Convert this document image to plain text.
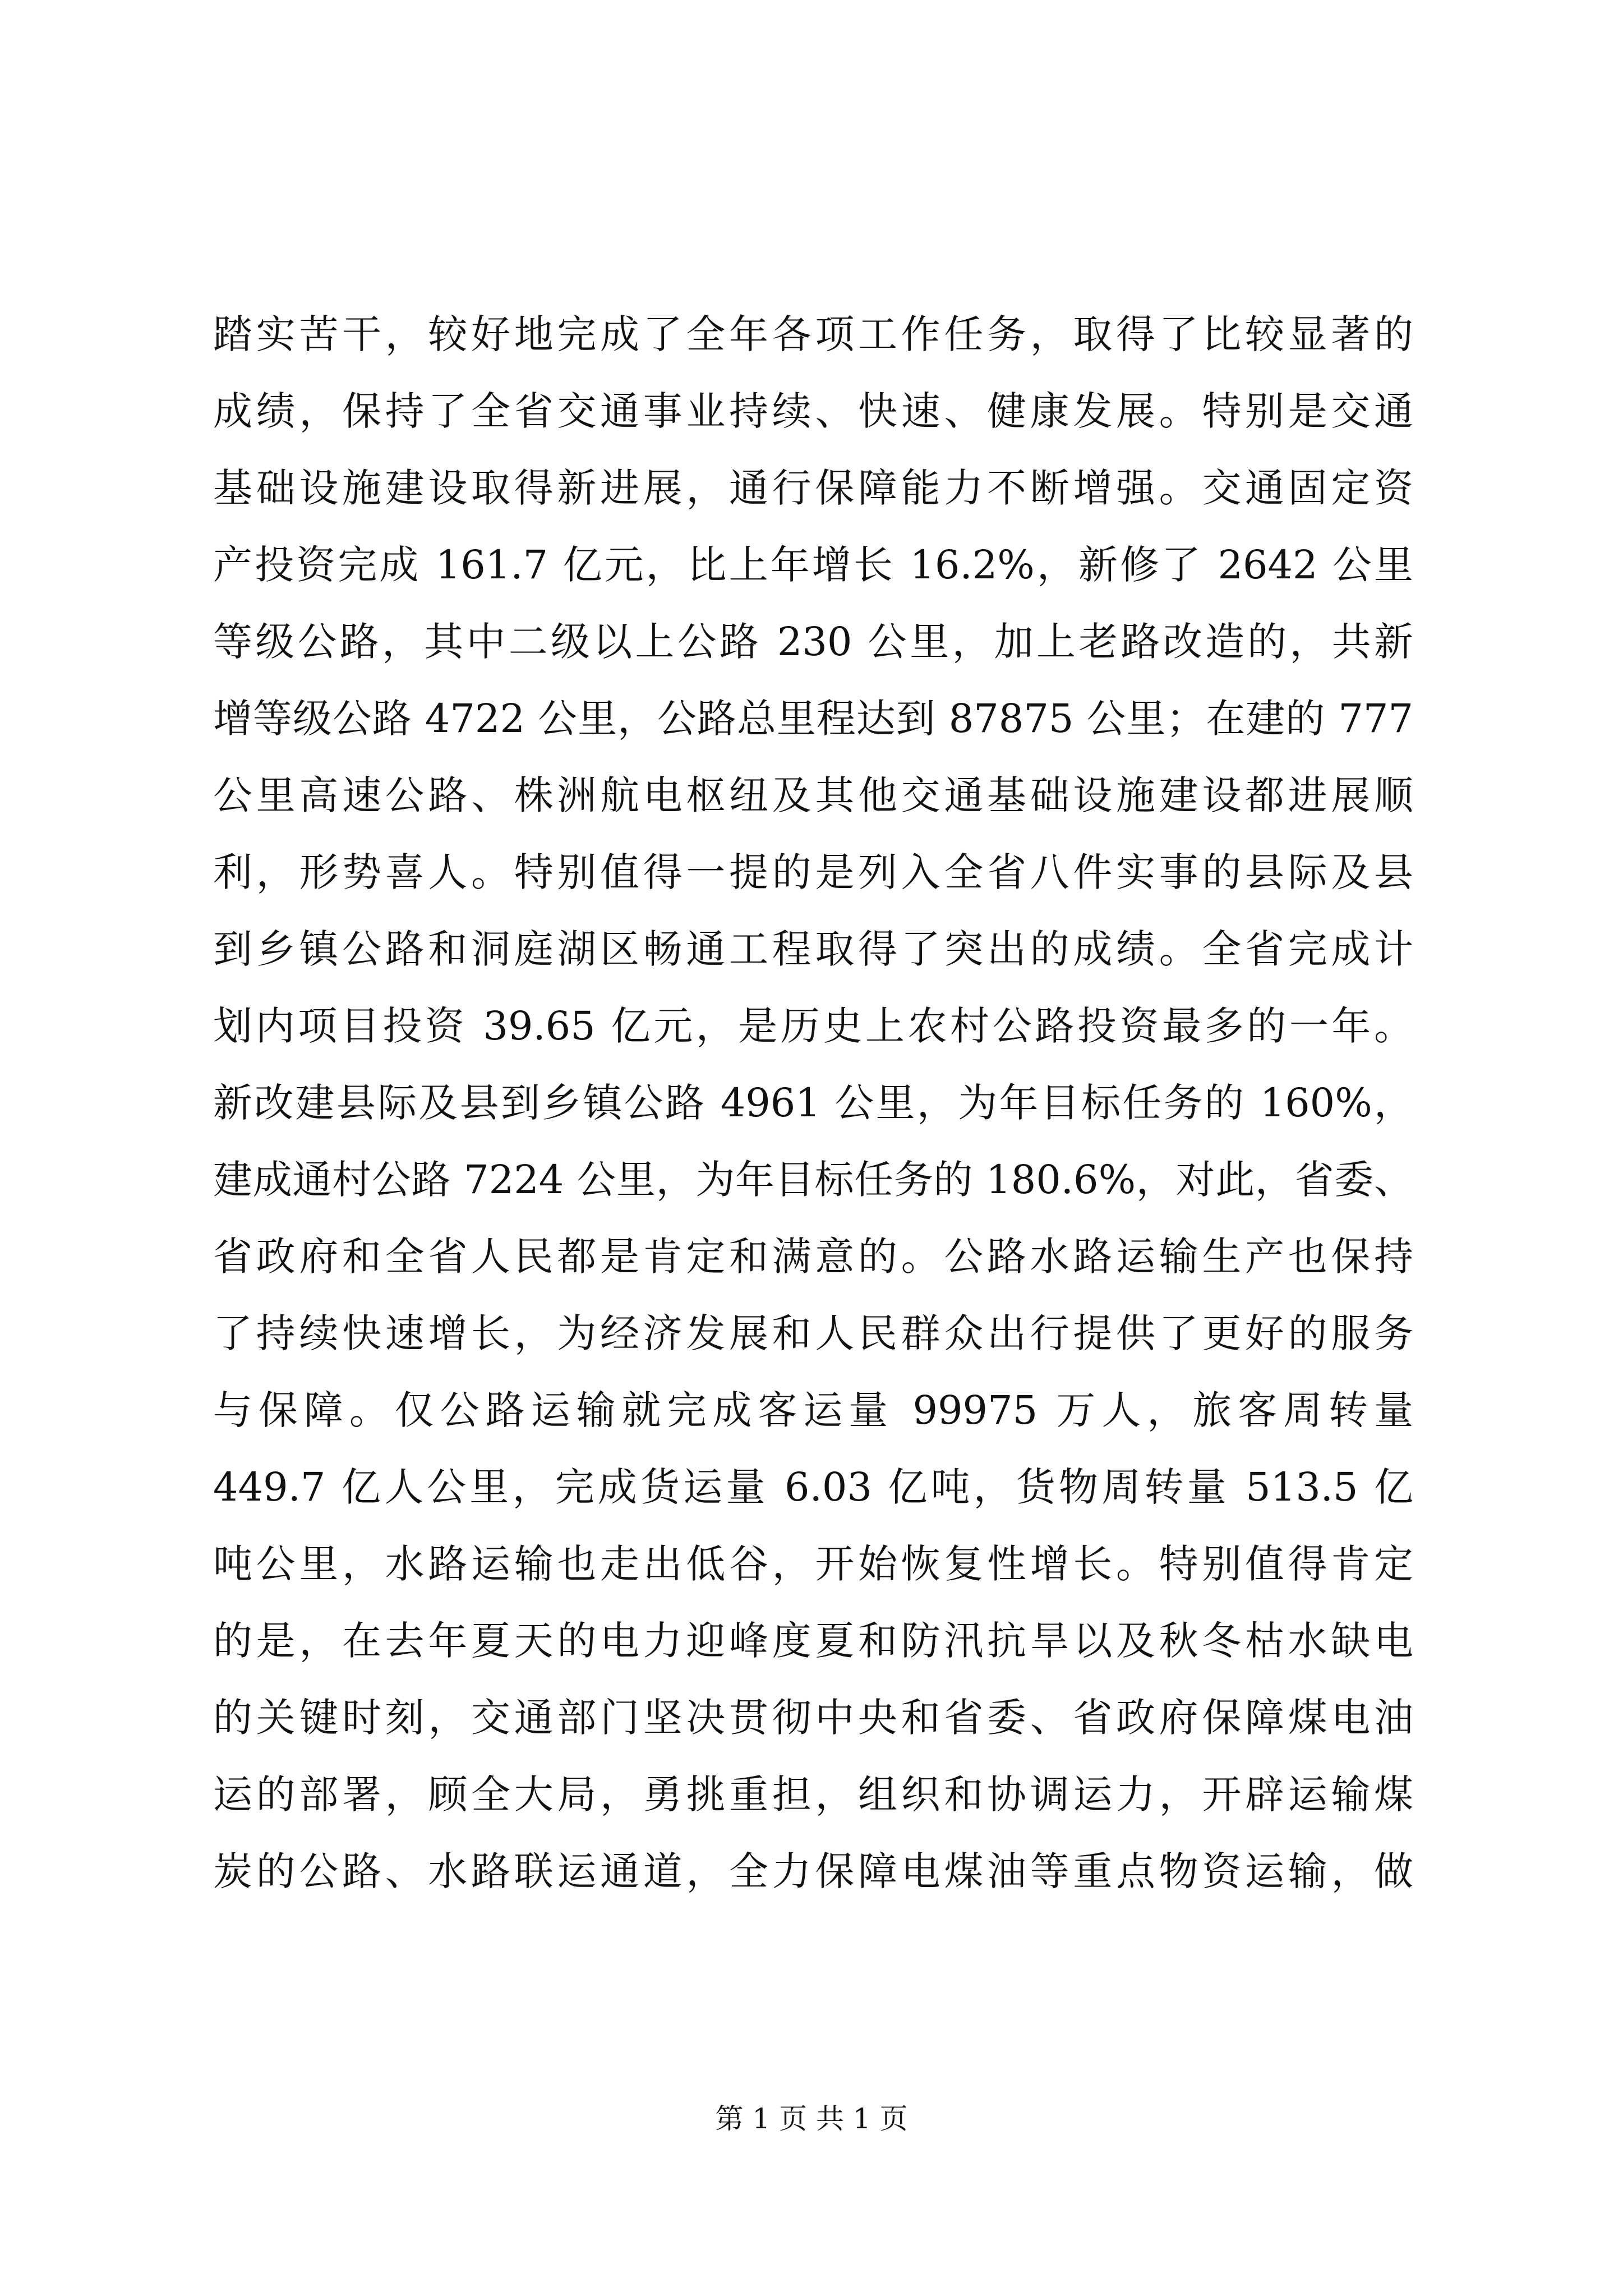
踏实苦干，较好地完成了全年各项工作任务，取得了比较显著的
成绩，保持了全省交通事业持续、快速、健康发展。特别是交通
基础设施建设取得新进展，通行保障能力不断增强。交通固定资
产投资完成 161.7 亿元，比上年增长 16.2%，新修了 2642 公里
等级公路，其中二级以上公路 230 公里，加上老路改造的，共新
增等级公路 4722 公里，公路总里程达到 87875 公里；在建的 777
公里高速公路、株洲航电枢纽及其他交通基础设施建设都进展顺
利，形势喜人。特别值得一提的是列入全省八件实事的县际及县
到乡镇公路和洞庭湖区畅通工程取得了突出的成绩。全省完成计
划内项目投资 39.65 亿元，是历史上农村公路投资最多的一年。
新改建县际及县到乡镇公路 4961 公里，为年目标任务的 160%，
建成通村公路 7224 公里，为年目标任务的 180.6%，对此，省委、
省政府和全省人民都是肯定和满意的。公路水路运输生产也保持
了持续快速增长，为经济发展和人民群众出行提供了更好的服务
与保障。仅公路运输就完成客运量 99975 万人，旅客周转量
449.7 亿人公里，完成货运量 6.03 亿吨，货物周转量 513.5 亿
吨公里，水路运输也走出低谷，开始恢复性增长。特别值得肯定
的是，在去年夏天的电力迎峰度夏和防汛抗旱以及秋冬枯水缺电
的关键时刻，交通部门坚决贯彻中央和省委、省政府保障煤电油
运的部署，顾全大局，勇挑重担，组织和协调运力，开辟运输煤
炭的公路、水路联运通道，全力保障电煤油等重点物资运输，做
第 1 页 共 1 页
